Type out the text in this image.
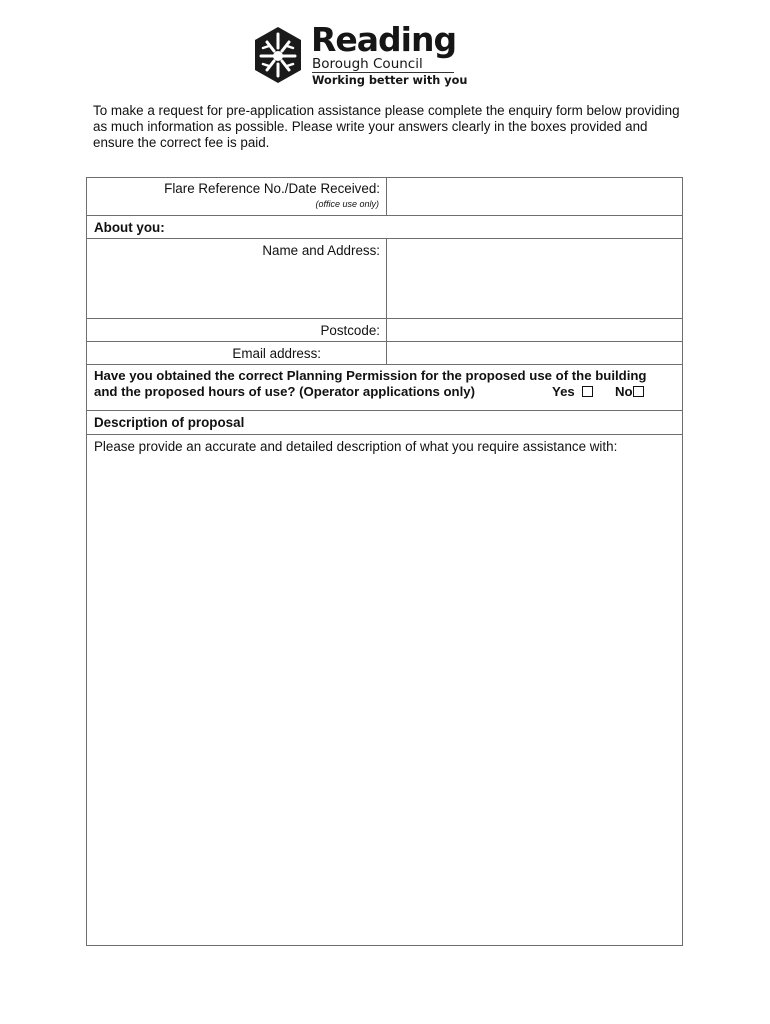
Reading
Borough Council
Working better with you

To make a request for pre-application assistance please complete the enquiry form below providing as much information as possible. Please write your answers clearly in the boxes provided and ensure the correct fee is paid.

Flare Reference No./Date Received:
(office use only)
About you:
Name and Address:
Postcode:
Email address:
Have you obtained the correct Planning Permission for the proposed use of the building
and the proposed hours of use? (Operator applications only)	Yes	No
Description of proposal
Please provide an accurate and detailed description of what you require assistance with:
